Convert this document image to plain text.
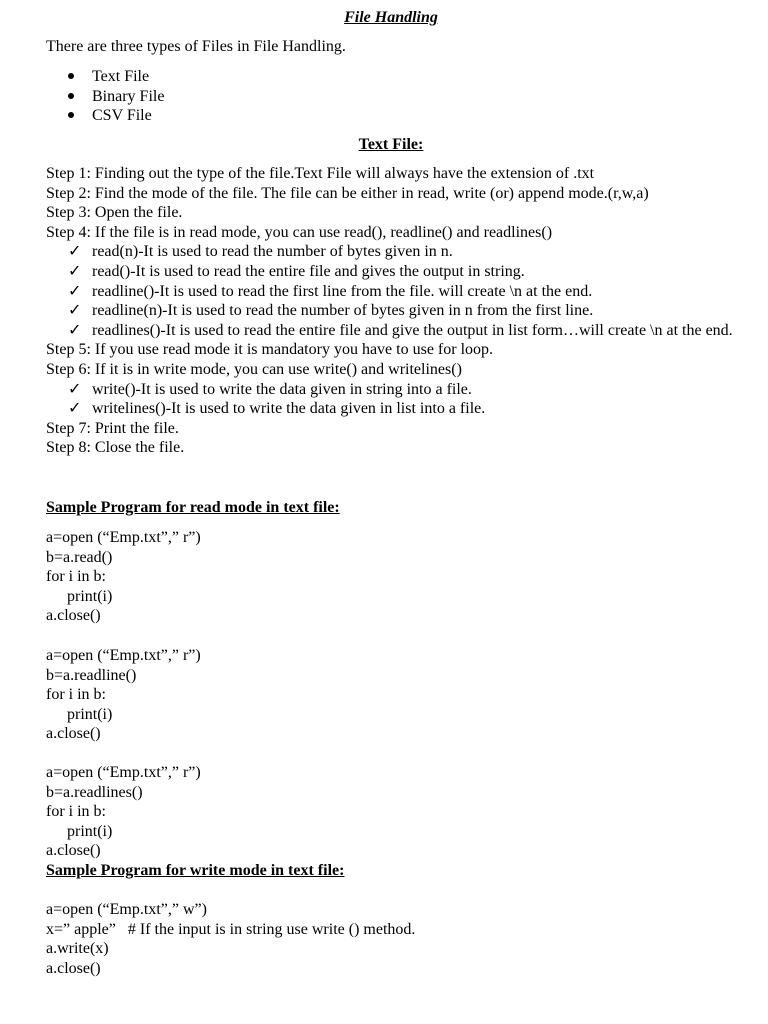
File Handling
There are three types of Files in File Handling.
Text File
Binary File
CSV File
Text File:
Step 1: Finding out the type of the file.Text File will always have the extension of .txt
Step 2: Find the mode of the file. The file can be either in read, write (or) append mode.(r,w,a)
Step 3: Open the file.
Step 4: If the file is in read mode, you can use read(), readline() and readlines()
✓ read(n)-It is used to read the number of bytes given in n.
✓ read()-It is used to read the entire file and gives the output in string.
✓ readline()-It is used to read the first line from the file. will create \n at the end.
✓ readline(n)-It is used to read the number of bytes given in n from the first line.
✓ readlines()-It is used to read the entire file and give the output in list form…will create \n at the end.
Step 5: If you use read mode it is mandatory you have to use for loop.
Step 6: If it is in write mode, you can use write() and writelines()
✓ write()-It is used to write the data given in string into a file.
✓ writelines()-It is used to write the data given in list into a file.
Step 7: Print the file.
Step 8: Close the file.
Sample Program for read mode in text file:
a=open (“Emp.txt”,” r”)
b=a.read()
for i in b:
print(i)
a.close()
a=open (“Emp.txt”,” r”)
b=a.readline()
for i in b:
print(i)
a.close()
a=open (“Emp.txt”,” r”)
b=a.readlines()
for i in b:
print(i)
a.close()
Sample Program for write mode in text file:
a=open (“Emp.txt”,” w”)
x=” apple”   # If the input is in string use write () method.
a.write(x)
a.close()
